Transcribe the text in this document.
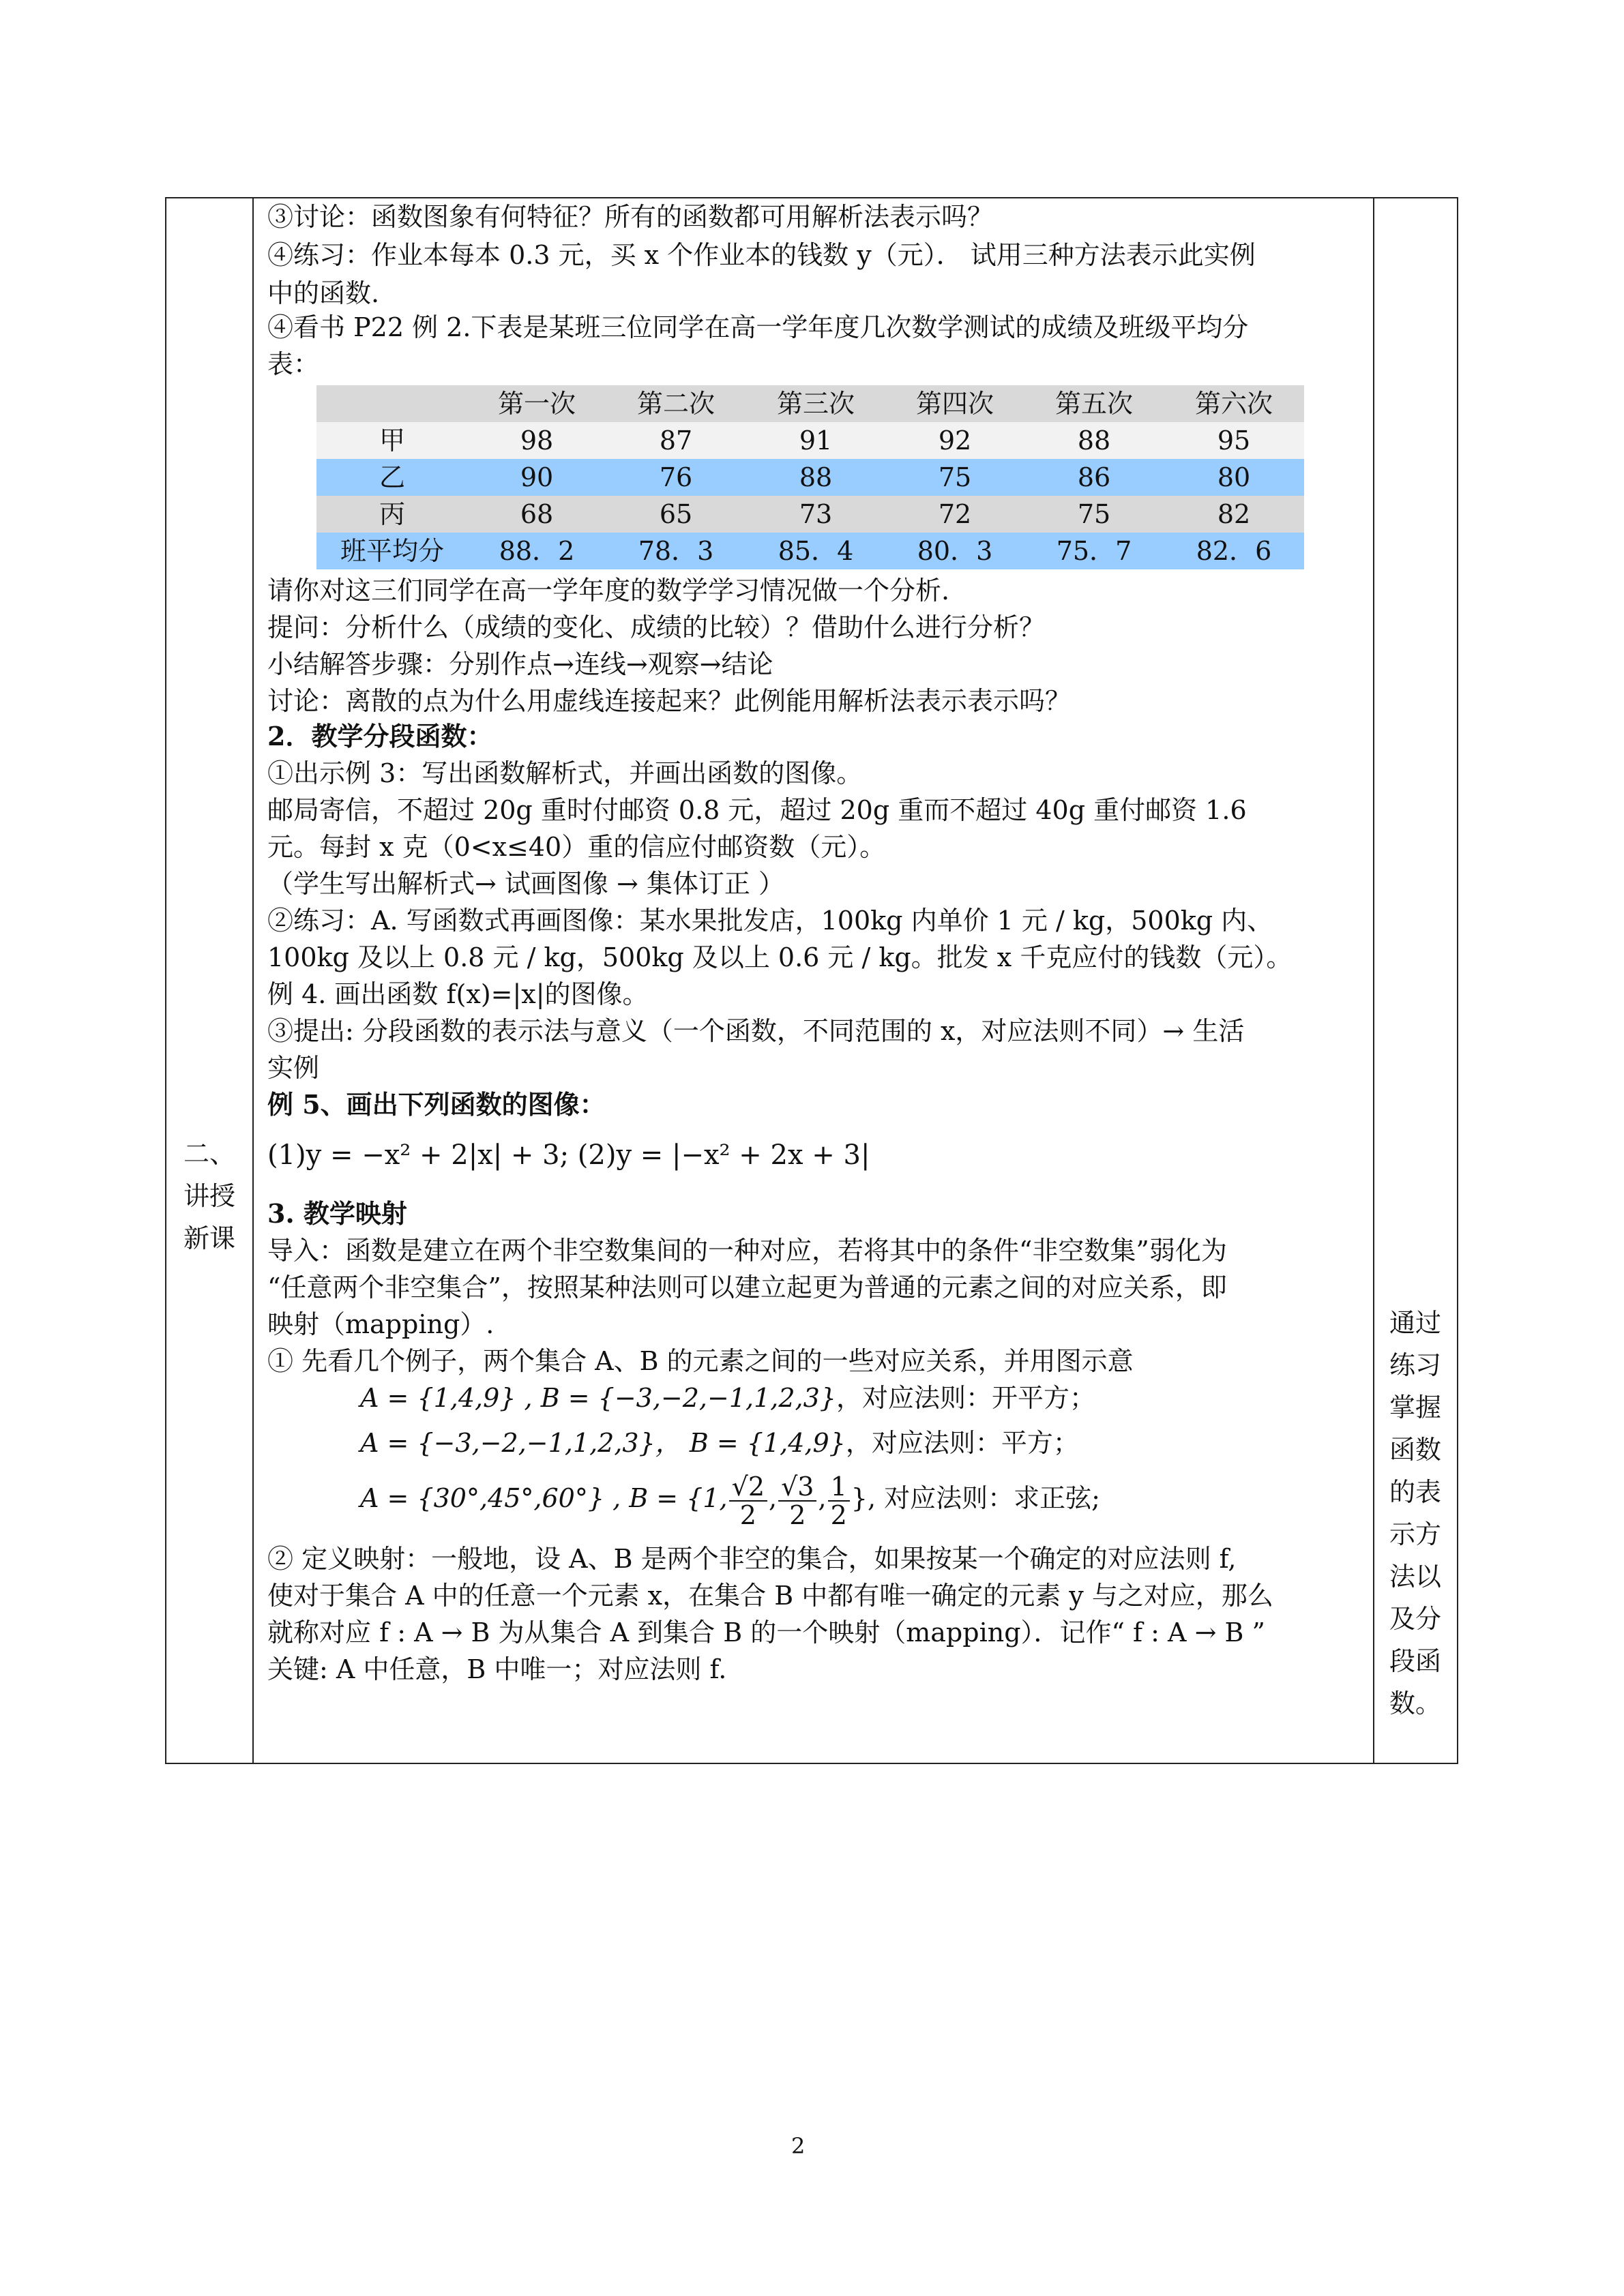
二、
讲授
新课
通过
练习
掌握
函数
的表
示方
法以
及分
段函
数。
③讨论：函数图象有何特征？所有的函数都可用解析法表示吗？
④练习：作业本每本 0.3 元，买 x 个作业本的钱数 y（元）． 试用三种方法表示此实例
中的函数.
④看书 P22 例 2.下表是某班三位同学在高一学年度几次数学测试的成绩及班级平均分
表：
	第一次	第二次	第三次	第四次	第五次	第六次
甲	98	87	91	92	88	95
乙	90	76	88	75	86	80
丙	68	65	73	72	75	82
班平均分	88．2	78．3	85．4	80．3	75．7	82．6
请你对这三们同学在高一学年度的数学学习情况做一个分析.
提问：分析什么（成绩的变化、成绩的比较）？借助什么进行分析？
小结解答步骤：分别作点→连线→观察→结论
讨论：离散的点为什么用虚线连接起来？此例能用解析法表示表示吗？
2．教学分段函数：
①出示例 3：写出函数解析式，并画出函数的图像。
邮局寄信，不超过 20g 重时付邮资 0.8 元，超过 20g 重而不超过 40g 重付邮资 1.6
元。每封 x 克（0<x≤40）重的信应付邮资数（元）。
（学生写出解析式→ 试画图像 → 集体订正 ）
②练习：A. 写函数式再画图像：某水果批发店，100kg 内单价 1 元 / kg，500kg 内、
100kg 及以上 0.8 元 / kg，500kg 及以上 0.6 元 / kg。批发 x 千克应付的钱数（元）。
例 4. 画出函数 f(x)=|x|的图像。
③提出: 分段函数的表示法与意义（一个函数，不同范围的 x，对应法则不同）→ 生活
实例
例 5、画出下列函数的图像：
(1)y = −x² + 2|x| + 3; (2)y = |−x² + 2x + 3|
3. 教学映射
导入：函数是建立在两个非空数集间的一种对应，若将其中的条件“非空数集”弱化为
“任意两个非空集合”，按照某种法则可以建立起更为普通的元素之间的对应关系，即
映射（mapping）.
① 先看几个例子，两个集合 A、B 的元素之间的一些对应关系，并用图示意
A = {1,4,9} , B = {−3,−2,−1,1,2,3}，对应法则：开平方；
A = {−3,−2,−1,1,2,3}， B = {1,4,9}，对应法则：平方；
A = {30°,45°,60°} , B = {1, $\frac{√2}{2}$ , $\frac{√3}{2}$ , $\frac{1}{2}$ }, 对应法则：求正弦;
② 定义映射：一般地，设 A、B 是两个非空的集合，如果按某一个确定的对应法则 f,
使对于集合 A 中的任意一个元素 x，在集合 B 中都有唯一确定的元素 y 与之对应，那么
就称对应 f : A → B 为从集合 A 到集合 B 的一个映射（mapping）．记作“ f : A → B ”
关键: A 中任意，B 中唯一；对应法则 f.
2
